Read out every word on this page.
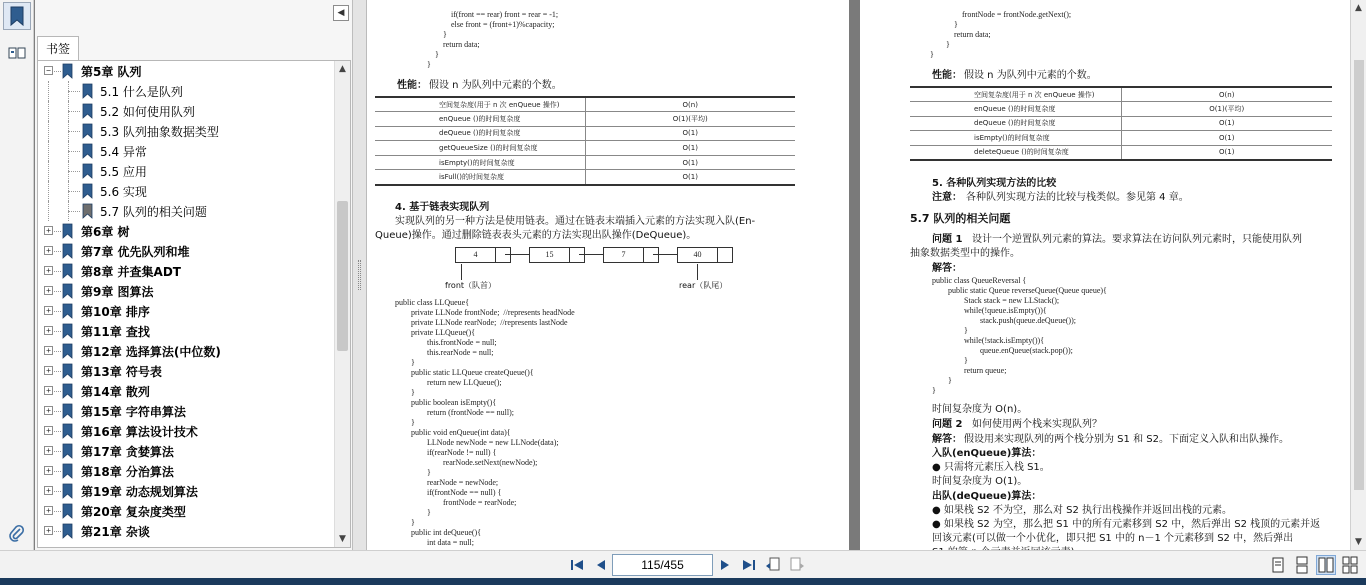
◀
书签
−	第5章 队列
5.1 什么是队列
5.2 如何使用队列
5.3 队列抽象数据类型
5.4 异常
5.5 应用
5.6 实现
5.7 队列的相关问题
+	第6章 树
+	第7章 优先队列和堆
+	第8章 并查集ADT
+	第9章 图算法
+	第10章 排序
+	第11章 查找
+	第12章 选择算法(中位数)
+	第13章 符号表
+	第14章 散列
+	第15章 字符串算法
+	第16章 算法设计技术
+	第17章 贪婪算法
+	第18章 分治算法
+	第19章 动态规划算法
+	第20章 复杂度类型
+	第21章 杂谈
▲
▼
if(front == rear) front = rear = -1;
else front = (front+1)%capacity;
}
return data;
}
}
性能： 假设 n 为队列中元素的个数。
空间复杂度(用于 n 次 enQueue 操作)	O(n)
enQueue ()的时间复杂度	O(1)(平均)
deQueue ()的时间复杂度	O(1)
getQueueSize ()的时间复杂度	O(1)
isEmpty()的时间复杂度	O(1)
isFull()的时间复杂度	O(1)
4. 基于链表实现队列
实现队列的另一种方法是使用链表。通过在链表末端插入元素的方法实现入队(En-
Queue)操作。通过删除链表表头元素的方法实现出队操作(DeQueue)。
front（队首）	rear（队尾）
public class LLQueue{
private LLNode frontNode;  //represents headNode
private LLNode rearNode;  //represents lastNode
private LLQueue(){
this.frontNode = null;
this.rearNode = null;
}
public static LLQueue createQueue(){
return new LLQueue();
}
public boolean isEmpty(){
return (frontNode == null);
}
public void enQueue(int data){
LLNode newNode = new LLNode(data);
if(rearNode != null) {
rearNode.setNext(newNode);
}
rearNode = newNode;
if(frontNode == null) {
frontNode = rearNode;
}
}
public int deQueue(){
int data = null;
4	15	7	40
frontNode = frontNode.getNext();
}
return data;
}
}
性能： 假设 n 为队列中元素的个数。
空间复杂度(用于 n 次 enQueue 操作)	O(n)
enQueue ()的时间复杂度	O(1)(平均)
deQueue ()的时间复杂度	O(1)
isEmpty()的时间复杂度	O(1)
deleteQueue ()的时间复杂度	O(1)
5. 各种队列实现方法的比较
注意： 各种队列实现方法的比较与栈类似。参见第 4 章。
5.7 队列的相关问题
问题 1 设计一个逆置队列元素的算法。要求算法在访问队列元素时，只能使用队列
抽象数据类型中的操作。
解答：
public class QueueReversal {
public static Queue reverseQueue(Queue queue){
Stack stack = new LLStack();
while(!queue.isEmpty()){
stack.push(queue.deQueue());
}
while(!stack.isEmpty()){
queue.enQueue(stack.pop());
}
return queue;
}
}
时间复杂度为 O(n)。
问题 2 如何使用两个栈来实现队列？
解答： 假设用来实现队列的两个栈分别为 S1 和 S2。下面定义入队和出队操作。
入队(enQueue)算法：
● 只需将元素压入栈 S1。
时间复杂度为 O(1)。
出队(deQueue)算法：
● 如果栈 S2 不为空，那么对 S2 执行出栈操作并返回出栈的元素。
● 如果栈 S2 为空，那么把 S1 中的所有元素移到 S2 中，然后弹出 S2 栈顶的元素并返
回该元素(可以做一个小优化，即只把 S1 中的 n－1 个元素移到 S2 中，然后弹出
▲
▼
115/455
